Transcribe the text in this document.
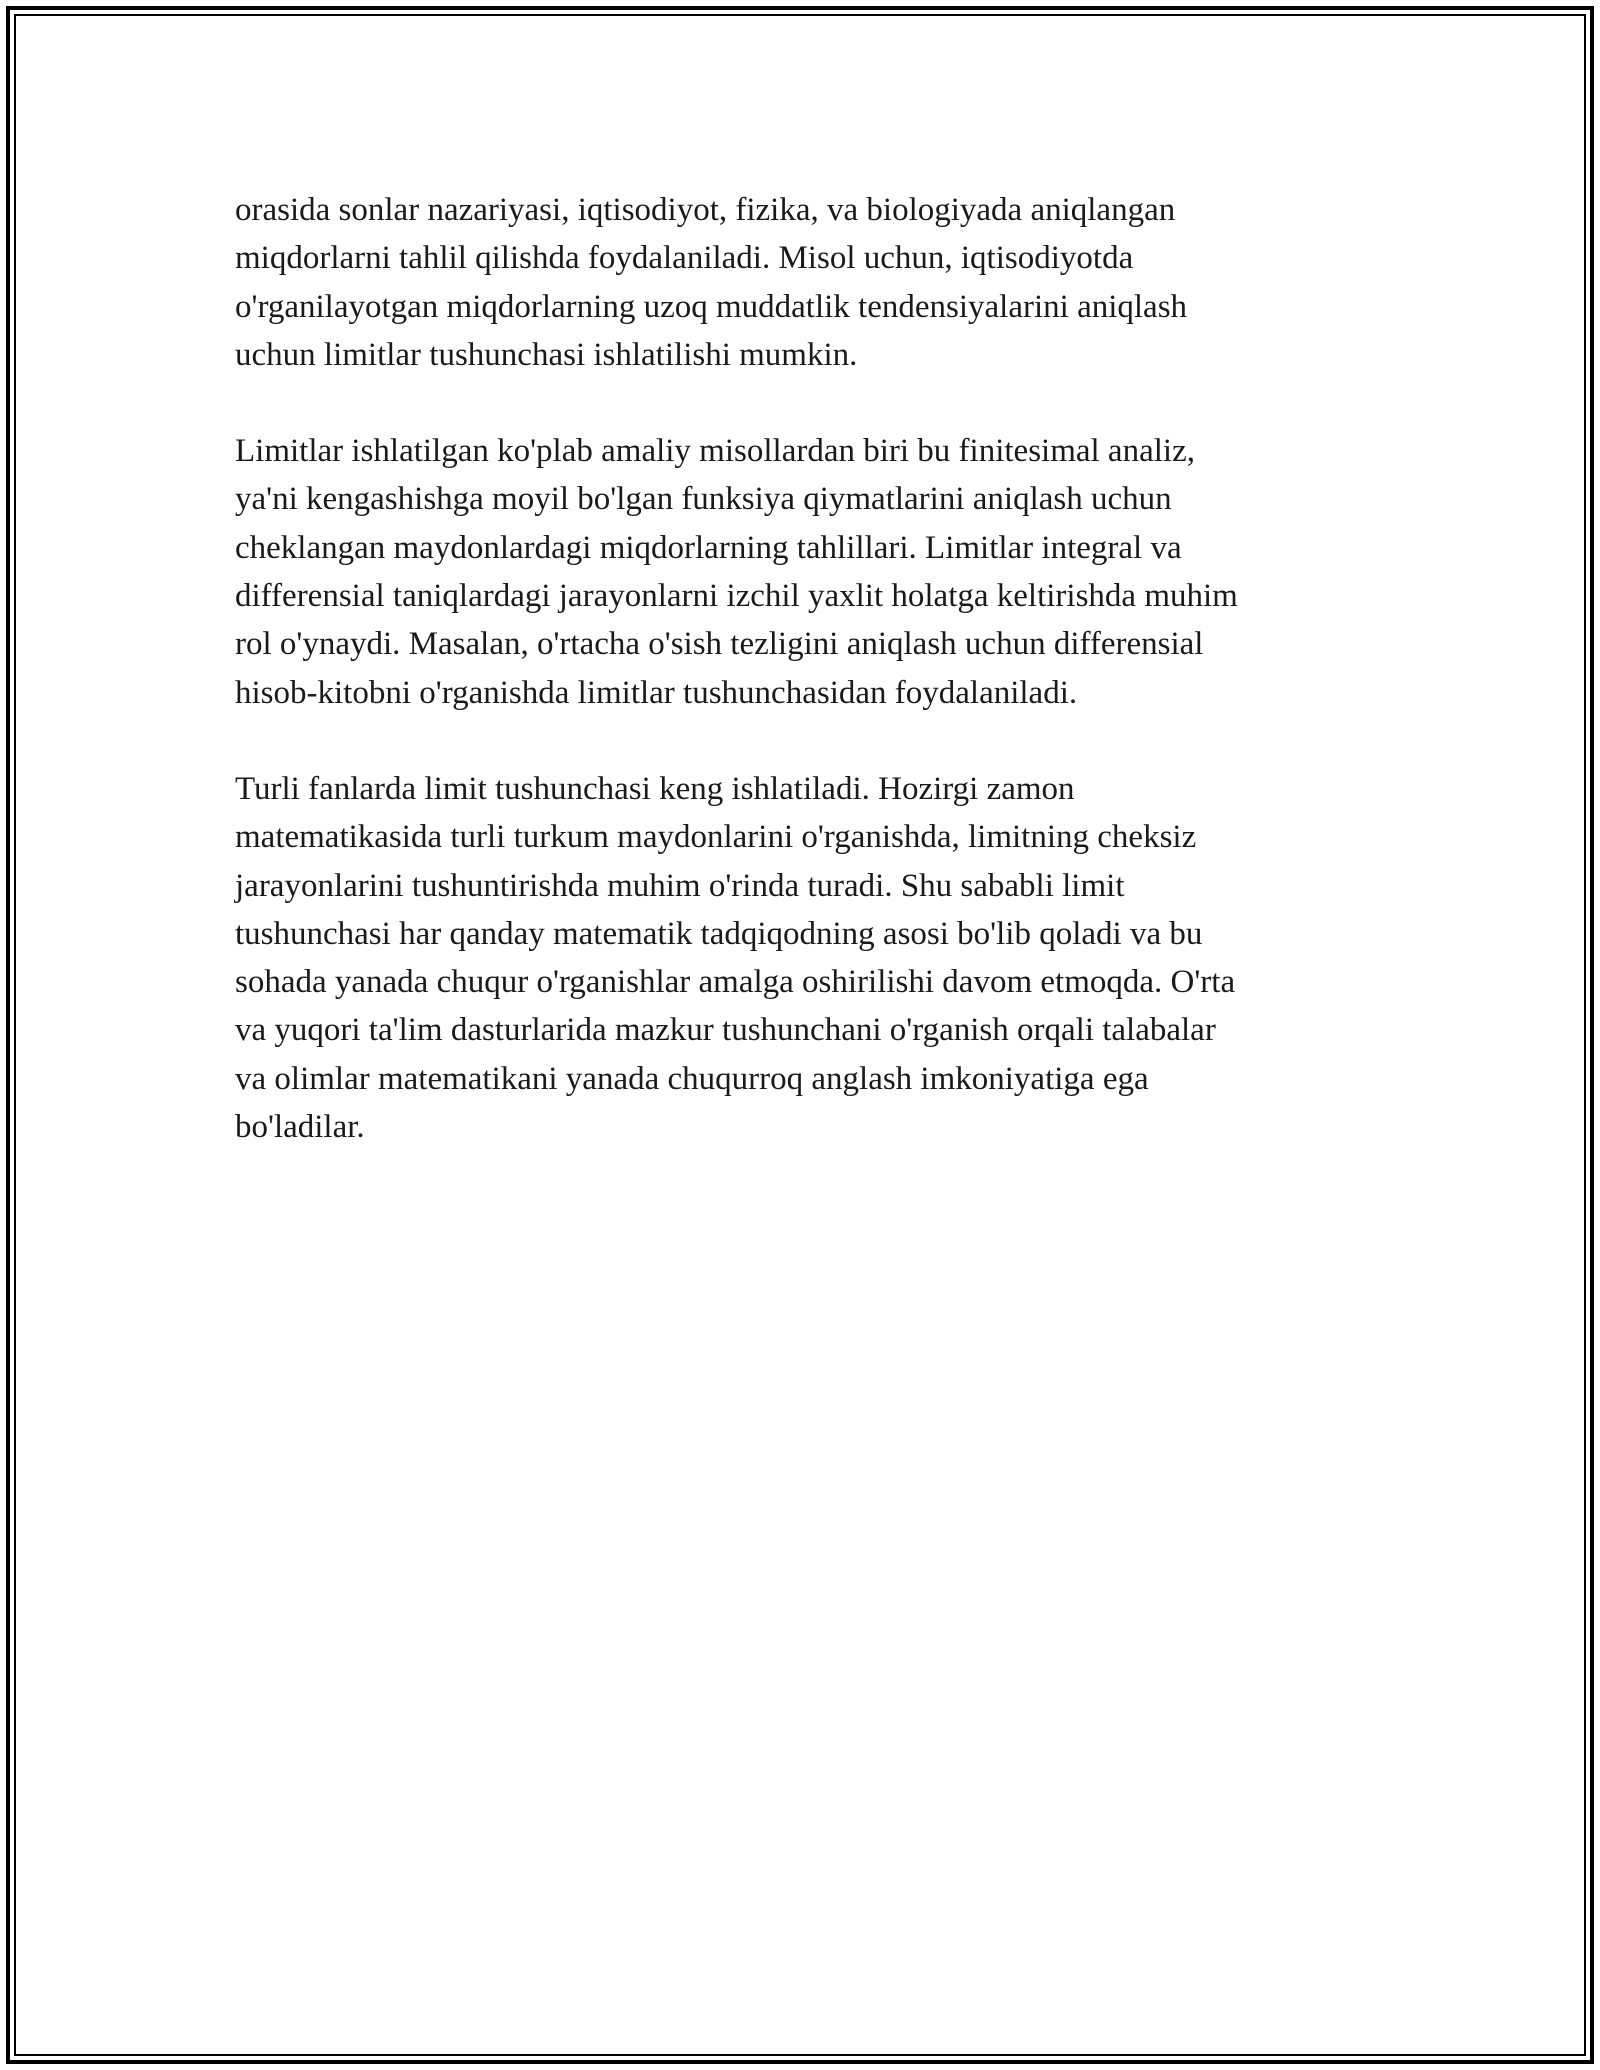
orasida sonlar nazariyasi, iqtisodiyot, fizika, va biologiyada aniqlangan
miqdorlarni tahlil qilishda foydalaniladi. Misol uchun, iqtisodiyotda
o'rganilayotgan miqdorlarning uzoq muddatlik tendensiyalarini aniqlash
uchun limitlar tushunchasi ishlatilishi mumkin.

Limitlar ishlatilgan ko'plab amaliy misollardan biri bu finitesimal analiz,
ya'ni kengashishga moyil bo'lgan funksiya qiymatlarini aniqlash uchun
cheklangan maydonlardagi miqdorlarning tahlillari. Limitlar integral va
differensial taniqlardagi jarayonlarni izchil yaxlit holatga keltirishda muhim
rol o'ynaydi. Masalan, o'rtacha o'sish tezligini aniqlash uchun differensial
hisob-kitobni o'rganishda limitlar tushunchasidan foydalaniladi.

Turli fanlarda limit tushunchasi keng ishlatiladi. Hozirgi zamon
matematikasida turli turkum maydonlarini o'rganishda, limitning cheksiz
jarayonlarini tushuntirishda muhim o'rinda turadi. Shu sababli limit
tushunchasi har qanday matematik tadqiqodning asosi bo'lib qoladi va bu
sohada yanada chuqur o'rganishlar amalga oshirilishi davom etmoqda. O'rta
va yuqori ta'lim dasturlarida mazkur tushunchani o'rganish orqali talabalar
va olimlar matematikani yanada chuqurroq anglash imkoniyatiga ega
bo'ladilar.
